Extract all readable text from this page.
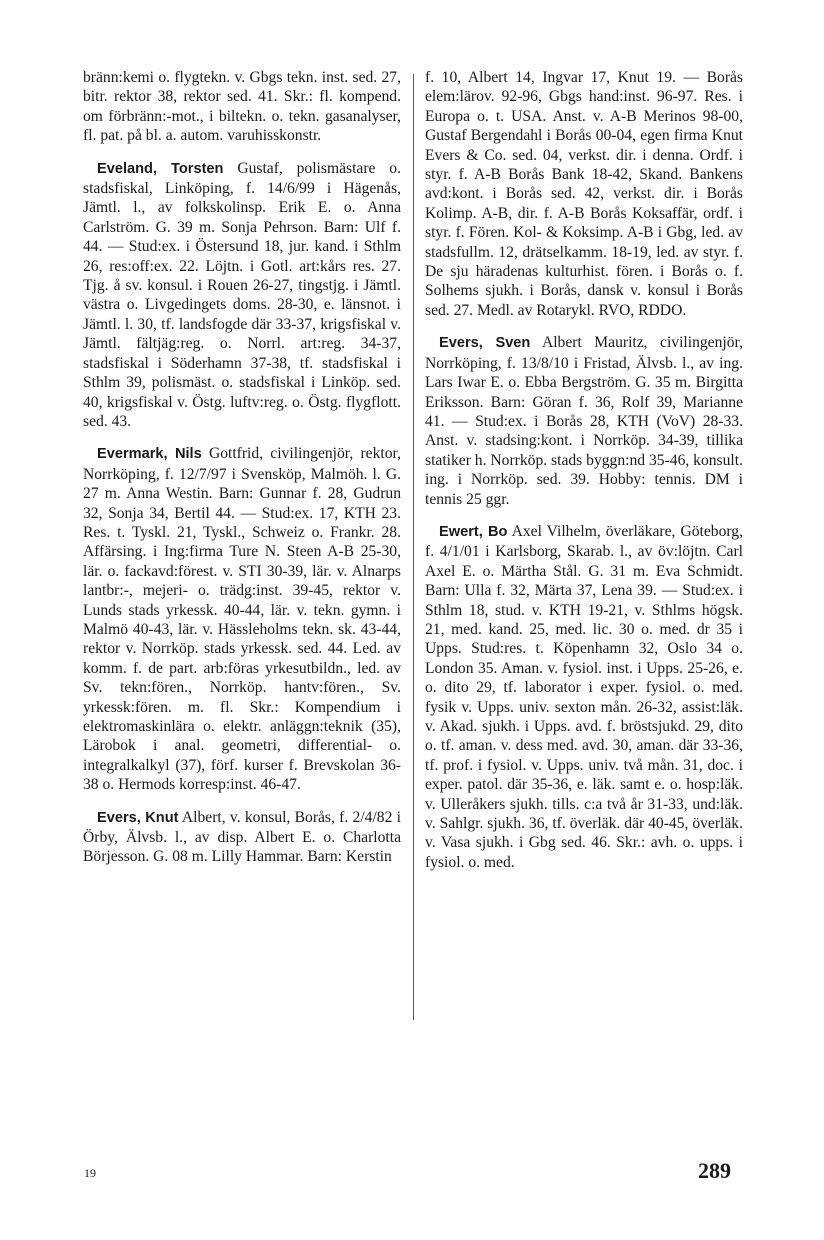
bränn:kemi o. flygtekn. v. Gbgs tekn. inst. sed. 27, bitr. rektor 38, rektor sed. 41. Skr.: fl. kompend. om förbränn:-mot., i biltekn. o. tekn. gasanalyser, fl. pat. på bl. a. autom. varuhisskonstr.

Eveland, Torsten Gustaf, polismästare o. stadsfiskal, Linköping, f. 14/6/99 i Hägenås, Jämtl. l., av folkskolinsp. Erik E. o. Anna Carlström. G. 39 m. Sonja Pehrson. Barn: Ulf f. 44. — Stud:ex. i Östersund 18, jur. kand. i Sthlm 26, res:off:ex. 22. Löjtn. i Gotl. art:kårs res. 27. Tjg. å sv. konsul. i Rouen 26-27, tingstjg. i Jämtl. västra o. Livgedingets doms. 28-30, e. länsnot. i Jämtl. l. 30, tf. landsfogde där 33-37, krigsfiskal v. Jämtl. fältjäg:reg. o. Norrl. art:reg. 34-37, stadsfiskal i Söderhamn 37-38, tf. stadsfiskal i Sthlm 39, polismäst. o. stadsfiskal i Linköp. sed. 40, krigsfiskal v. Östg. luftv:reg. o. Östg. flygflott. sed. 43.

Evermark, Nils Gottfrid, civilingenjör, rektor, Norrköping, f. 12/7/97 i Svensköp, Malmöh. l. G. 27 m. Anna Westin. Barn: Gunnar f. 28, Gudrun 32, Sonja 34, Bertil 44. — Stud:ex. 17, KTH 23. Res. t. Tyskl. 21, Tyskl., Schweiz o. Frankr. 28. Affärsing. i Ing:firma Ture N. Steen A-B 25-30, lär. o. fackavd:förest. v. STI 30-39, lär. v. Alnarps lantbr:-, mejeri- o. trädg:inst. 39-45, rektor v. Lunds stads yrkessk. 40-44, lär. v. tekn. gymn. i Malmö 40-43, lär. v. Hässleholms tekn. sk. 43-44, rektor v. Norrköp. stads yrkessk. sed. 44. Led. av komm. f. de part. arb:föras yrkesutbildn., led. av Sv. tekn:fören., Norrköp. hantv:fören., Sv. yrkessk:fören. m. fl. Skr.: Kompendium i elektromaskinlära o. elektr. anläggn:teknik (35), Lärobok i anal. geometri, differential- o. integralkalkyl (37), förf. kurser f. Brevskolan 36-38 o. Hermods korresp:inst. 46-47.

Evers, Knut Albert, v. konsul, Borås, f. 2/4/82 i Örby, Älvsb. l., av disp. Albert E. o. Charlotta Börjesson. G. 08 m. Lilly Hammar. Barn: Kerstin

f. 10, Albert 14, Ingvar 17, Knut 19. — Borås elem:lärov. 92-96, Gbgs hand:inst. 96-97. Res. i Europa o. t. USA. Anst. v. A-B Merinos 98-00, Gustaf Bergendahl i Borås 00-04, egen firma Knut Evers & Co. sed. 04, verkst. dir. i denna. Ordf. i styr. f. A-B Borås Bank 18-42, Skand. Bankens avd:kont. i Borås sed. 42, verkst. dir. i Borås Kolimp. A-B, dir. f. A-B Borås Koksaffär, ordf. i styr. f. Fören. Kol- & Koksimp. A-B i Gbg, led. av stadsfullm. 12, drätselkamm. 18-19, led. av styr. f. De sju häradenas kulturhist. fören. i Borås o. f. Solhems sjukh. i Borås, dansk v. konsul i Borås sed. 27. Medl. av Rotarykl. RVO, RDDO.

Evers, Sven Albert Mauritz, civilingenjör, Norrköping, f. 13/8/10 i Fristad, Älvsb. l., av ing. Lars Iwar E. o. Ebba Bergström. G. 35 m. Birgitta Eriksson. Barn: Göran f. 36, Rolf 39, Marianne 41. — Stud:ex. i Borås 28, KTH (VoV) 28-33. Anst. v. stadsing:kont. i Norrköp. 34-39, tillika statiker h. Norrköp. stads byggn:nd 35-46, konsult. ing. i Norrköp. sed. 39. Hobby: tennis. DM i tennis 25 ggr.

Ewert, Bo Axel Vilhelm, överläkare, Göteborg, f. 4/1/01 i Karlsborg, Skarab. l., av öv:löjtn. Carl Axel E. o. Märtha Stål. G. 31 m. Eva Schmidt. Barn: Ulla f. 32, Märta 37, Lena 39. — Stud:ex. i Sthlm 18, stud. v. KTH 19-21, v. Sthlms högsk. 21, med. kand. 25, med. lic. 30 o. med. dr 35 i Upps. Stud:res. t. Köpenhamn 32, Oslo 34 o. London 35. Aman. v. fysiol. inst. i Upps. 25-26, e. o. dito 29, tf. laborator i exper. fysiol. o. med. fysik v. Upps. univ. sexton mån. 26-32, assist:läk. v. Akad. sjukh. i Upps. avd. f. bröstsjukd. 29, dito o. tf. aman. v. dess med. avd. 30, aman. där 33-36, tf. prof. i fysiol. v. Upps. univ. två mån. 31, doc. i exper. patol. där 35-36, e. läk. samt e. o. hosp:läk. v. Ulleråkers sjukh. tills. c:a två år 31-33, und:läk. v. Sahlgr. sjukh. 36, tf. överläk. där 40-45, överläk. v. Vasa sjukh. i Gbg sed. 46. Skr.: avh. o. upps. i fysiol. o. med.

19	289
